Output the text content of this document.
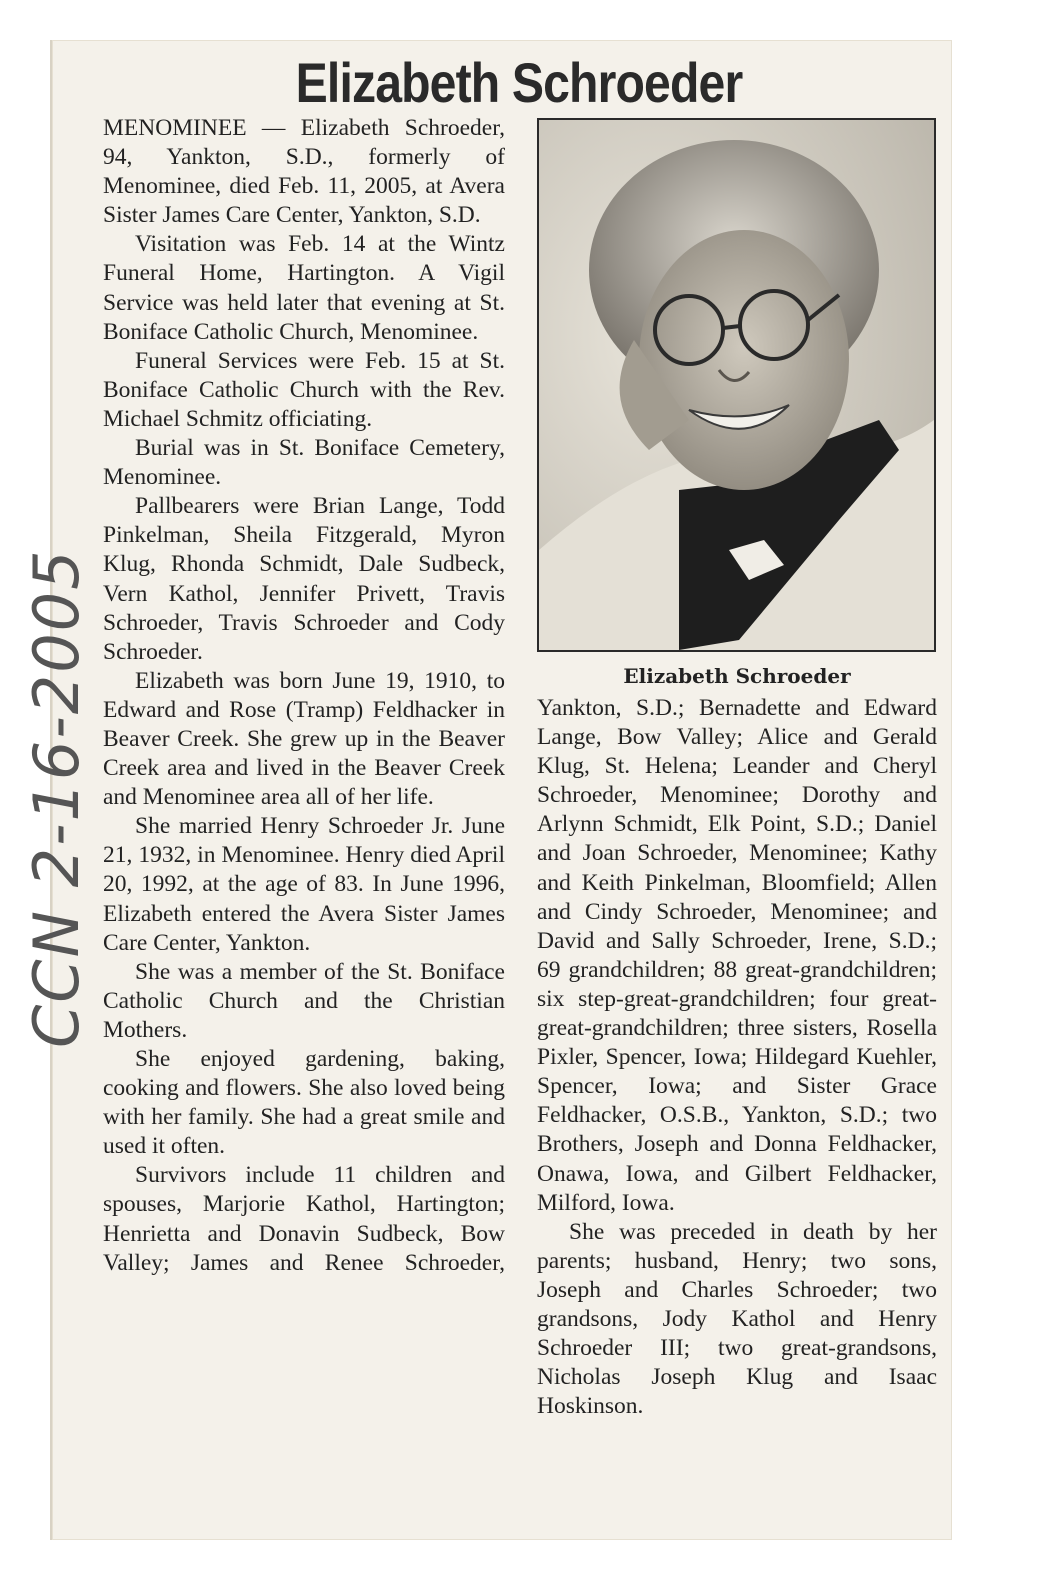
Elizabeth Schroeder

MENOMINEE — Elizabeth Schroeder, 94, Yankton, S.D., formerly of Menominee, died Feb. 11, 2005, at Avera Sister James Care Center, Yankton, S.D.

Visitation was Feb. 14 at the Wintz Funeral Home, Hartington. A Vigil Service was held later that evening at St. Boniface Catholic Church, Menominee.

Funeral Services were Feb. 15 at St. Boniface Catholic Church with the Rev. Michael Schmitz officiating.

Burial was in St. Boniface Cemetery, Menominee.

Pallbearers were Brian Lange, Todd Pinkelman, Sheila Fitzgerald, Myron Klug, Rhonda Schmidt, Dale Sudbeck, Vern Kathol, Jennifer Privett, Travis Schroeder, Travis Schroeder and Cody Schroeder.

Elizabeth was born June 19, 1910, to Edward and Rose (Tramp) Feldhacker in Beaver Creek. She grew up in the Beaver Creek area and lived in the Beaver Creek and Menominee area all of her life.

She married Henry Schroeder Jr. June 21, 1932, in Menominee. Henry died April 20, 1992, at the age of 83. In June 1996, Elizabeth entered the Avera Sister James Care Center, Yankton.

She was a member of the St. Boniface Catholic Church and the Christian Mothers.

She enjoyed gardening, baking, cooking and flowers. She also loved being with her family. She had a great smile and used it often.

Survivors include 11 children and spouses, Marjorie Kathol, Hartington; Henrietta and Donavin Sudbeck, Bow Valley; James and Renee Schroeder,

Elizabeth Schroeder

Yankton, S.D.; Bernadette and Edward Lange, Bow Valley; Alice and Gerald Klug, St. Helena; Leander and Cheryl Schroeder, Menominee; Dorothy and Arlynn Schmidt, Elk Point, S.D.; Daniel and Joan Schroeder, Menominee; Kathy and Keith Pinkelman, Bloomfield; Allen and Cindy Schroeder, Menominee; and David and Sally Schroeder, Irene, S.D.; 69 grandchildren; 88 great-grandchildren; six step-great-grandchildren; four great-great-grandchildren; three sisters, Rosella Pixler, Spencer, Iowa; Hildegard Kuehler, Spencer, Iowa; and Sister Grace Feldhacker, O.S.B., Yankton, S.D.; two Brothers, Joseph and Donna Feldhacker, Onawa, Iowa, and Gilbert Feldhacker, Milford, Iowa.

She was preceded in death by her parents; husband, Henry; two sons, Joseph and Charles Schroeder; two grandsons, Jody Kathol and Henry Schroeder III; two great-grandsons, Nicholas Joseph Klug and Isaac Hoskinson.

CCN 2-16-2005
